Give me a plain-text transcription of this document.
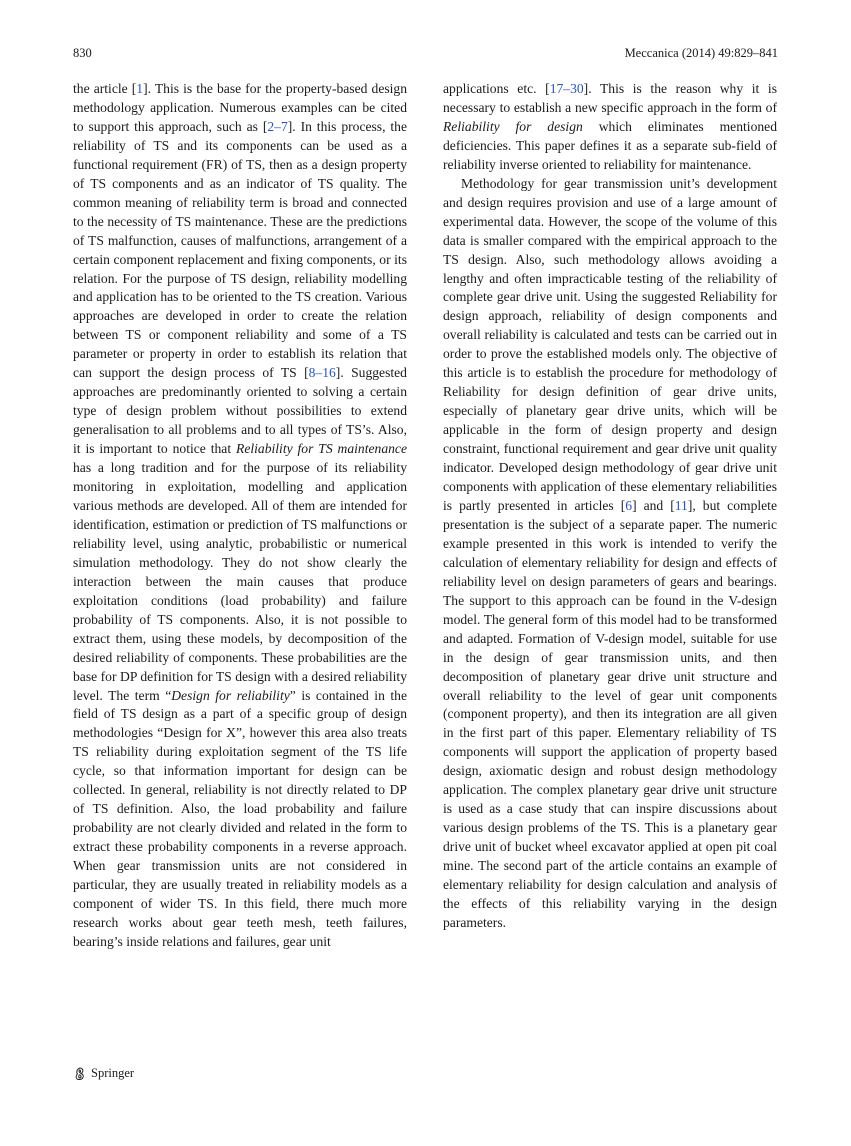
830	Meccanica (2014) 49:829–841

the article [1]. This is the base for the property-based design methodology application. Numerous examples can be cited to support this approach, such as [2–7]. In this process, the reliability of TS and its components can be used as a functional requirement (FR) of TS, then as a design property of TS components and as an indicator of TS quality. The common meaning of reliability term is broad and connected to the necessity of TS maintenance. These are the predictions of TS malfunction, causes of malfunctions, arrangement of a certain component replacement and fixing components, or its relation. For the purpose of TS design, reliability modelling and application has to be oriented to the TS creation. Various approaches are developed in order to create the relation between TS or component reliability and some of a TS parameter or property in order to establish its relation that can support the design process of TS [8–16]. Suggested approaches are predominantly oriented to solving a certain type of design problem without possibilities to extend generalisation to all problems and to all types of TS’s. Also, it is important to notice that Reliability for TS maintenance has a long tradition and for the purpose of its reliability monitoring in exploitation, modelling and application various methods are developed. All of them are intended for identification, estimation or prediction of TS malfunctions or reliability level, using analytic, probabilistic or numerical simulation methodology. They do not show clearly the interaction between the main causes that produce exploitation conditions (load probability) and failure probability of TS components. Also, it is not possible to extract them, using these models, by decomposition of the desired reliability of components. These probabilities are the base for DP definition for TS design with a desired reliability level. The term “Design for reliability” is contained in the field of TS design as a part of a specific group of design methodologies “Design for X”, however this area also treats TS reliability during exploitation segment of the TS life cycle, so that information important for design can be collected. In general, reliability is not directly related to DP of TS definition. Also, the load probability and failure probability are not clearly divided and related in the form to extract these probability components in a reverse approach. When gear transmission units are not considered in particular, they are usually treated in reliability models as a component of wider TS. In this field, there much more research works about gear teeth mesh, teeth failures, bearing’s inside relations and failures, gear unit

applications etc. [17–30]. This is the reason why it is necessary to establish a new specific approach in the form of Reliability for design which eliminates mentioned deficiencies. This paper defines it as a separate sub-field of reliability inverse oriented to reliability for maintenance.

Methodology for gear transmission unit’s development and design requires provision and use of a large amount of experimental data. However, the scope of the volume of this data is smaller compared with the empirical approach to the TS design. Also, such methodology allows avoiding a lengthy and often impracticable testing of the reliability of complete gear drive unit. Using the suggested Reliability for design approach, reliability of design components and overall reliability is calculated and tests can be carried out in order to prove the established models only. The objective of this article is to establish the procedure for methodology of Reliability for design definition of gear drive units, especially of planetary gear drive units, which will be applicable in the form of design property and design constraint, functional requirement and gear drive unit quality indicator. Developed design methodology of gear drive unit components with application of these elementary reliabilities is partly presented in articles [6] and [11], but complete presentation is the subject of a separate paper. The numeric example presented in this work is intended to verify the calculation of elementary reliability for design and effects of reliability level on design parameters of gears and bearings. The support to this approach can be found in the V-design model. The general form of this model had to be transformed and adapted. Formation of V-design model, suitable for use in the design of gear transmission units, and then decomposition of planetary gear drive unit structure and overall reliability to the level of gear unit components (component property), and then its integration are all given in the first part of this paper. Elementary reliability of TS components will support the application of property based design, axiomatic design and robust design methodology application. The complex planetary gear drive unit structure is used as a case study that can inspire discussions about various design problems of the TS. This is a planetary gear drive unit of bucket wheel excavator applied at open pit coal mine. The second part of the article contains an example of elementary reliability for design calculation and analysis of the effects of this reliability varying in the design parameters.

Springer
